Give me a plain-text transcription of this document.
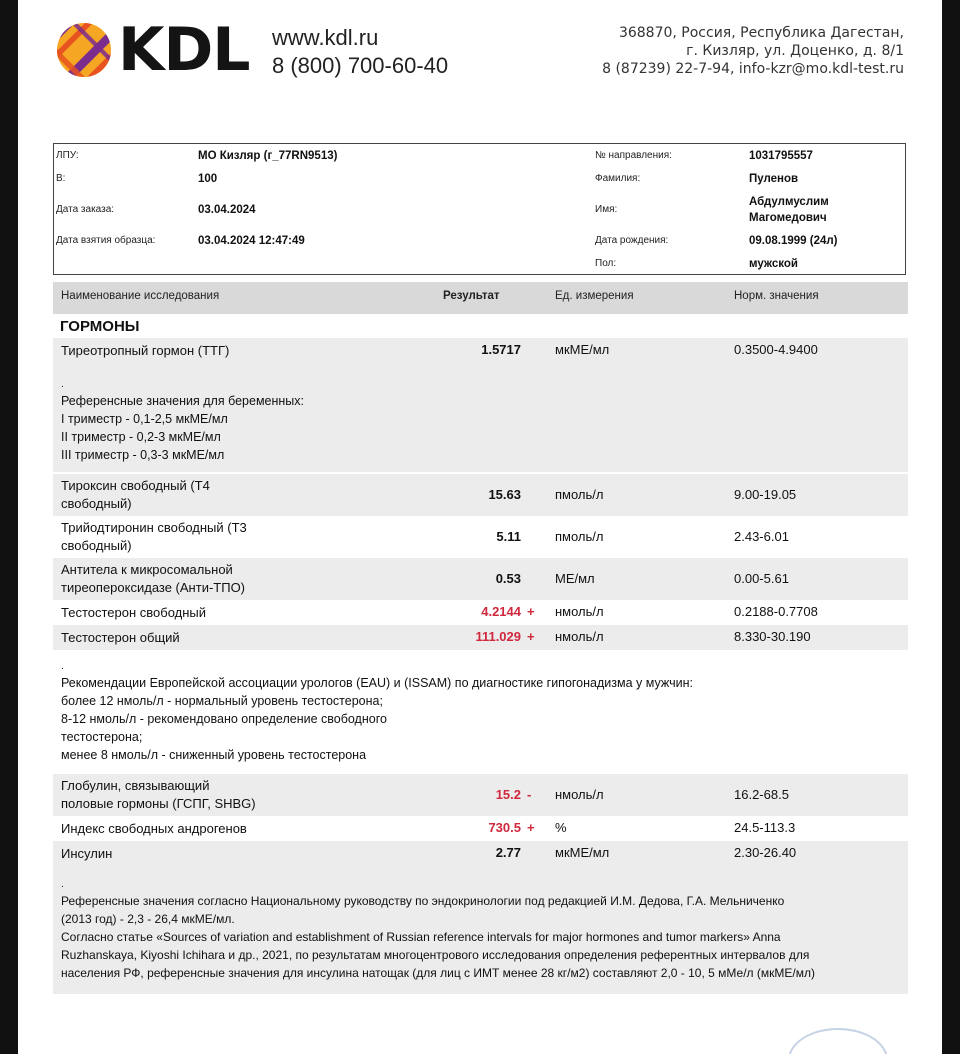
KDL www.kdl.ru
8 (800) 700-60-40
368870, Россия, Республика Дагестан,
г. Кизляр, ул. Доценко, д. 8/1
8 (87239) 22-7-94, info-kzr@mo.kdl-test.ru
ЛПУ:	МО Кизляр (г_77RN9513)
В:	100
Дата заказа:	03.04.2024
Дата взятия образца:	03.04.2024 12:47:49
№ направления:	1031795557
Фамилия:	Пуленов
Имя:
Абдулмуслим
Магомедович
Дата рождения:	09.08.1999 (24л)
Пол:	мужской
Наименование исследования	Результат	Ед. измерения	Норм. значения
ГОРМОНЫ
Тиреотропный гормон (ТТГ)	1.5717	мкМЕ/мл	0.3500-4.9400
.
Референсные значения для беременных:
I триместр - 0,1-2,5 мкМЕ/мл
II триместр - 0,2-3 мкМЕ/мл
III триместр - 0,3-3 мкМЕ/мл
Тироксин свободный (Т4
свободный)
15.63	пмоль/л	9.00-19.05
Трийодтиронин свободный (Т3
свободный)
5.11	пмоль/л	2.43-6.01
Антитела к микросомальной
тиреопероксидазе (Анти-ТПО)
0.53	МЕ/мл	0.00-5.61
Тестостерон свободный	4.2144 + нмоль/л	0.2188-0.7708
Тестостерон общий	111.029 + нмоль/л	8.330-30.190
.
Рекомендации Европейской ассоциации урологов (EAU) и (ISSAM) по диагностике гипогонадизма у мужчин:
более 12 нмоль/л - нормальный уровень тестостерона;
8-12 нмоль/л - рекомендовано определение свободного
тестостерона;
менее 8 нмоль/л - сниженный уровень тестостерона
Глобулин, связывающий
половые гормоны (ГСПГ, SHBG)
15.2 - нмоль/л	16.2-68.5
Индекс свободных андрогенов	730.5 + %	24.5-113.3
Инсулин	2.77	мкМЕ/мл	2.30-26.40
.
Референсные значения согласно Национальному руководству по эндокринологии под редакцией И.М. Дедова, Г.А. Мельниченко
(2013 год) - 2,3 - 26,4 мкМЕ/мл.
Согласно статье «Sources of variation and establishment of Russian reference intervals for major hormones and tumor markers» Anna
Ruzhanskaya, Kiyoshi Ichihara и др., 2021, по результатам многоцентрового исследования определения референтных интервалов для
населения РФ, референсные значения для инсулина натощак (для лиц с ИМТ менее 28 кг/м2) составляют 2,0 - 10, 5 мМе/л (мкМЕ/мл)
